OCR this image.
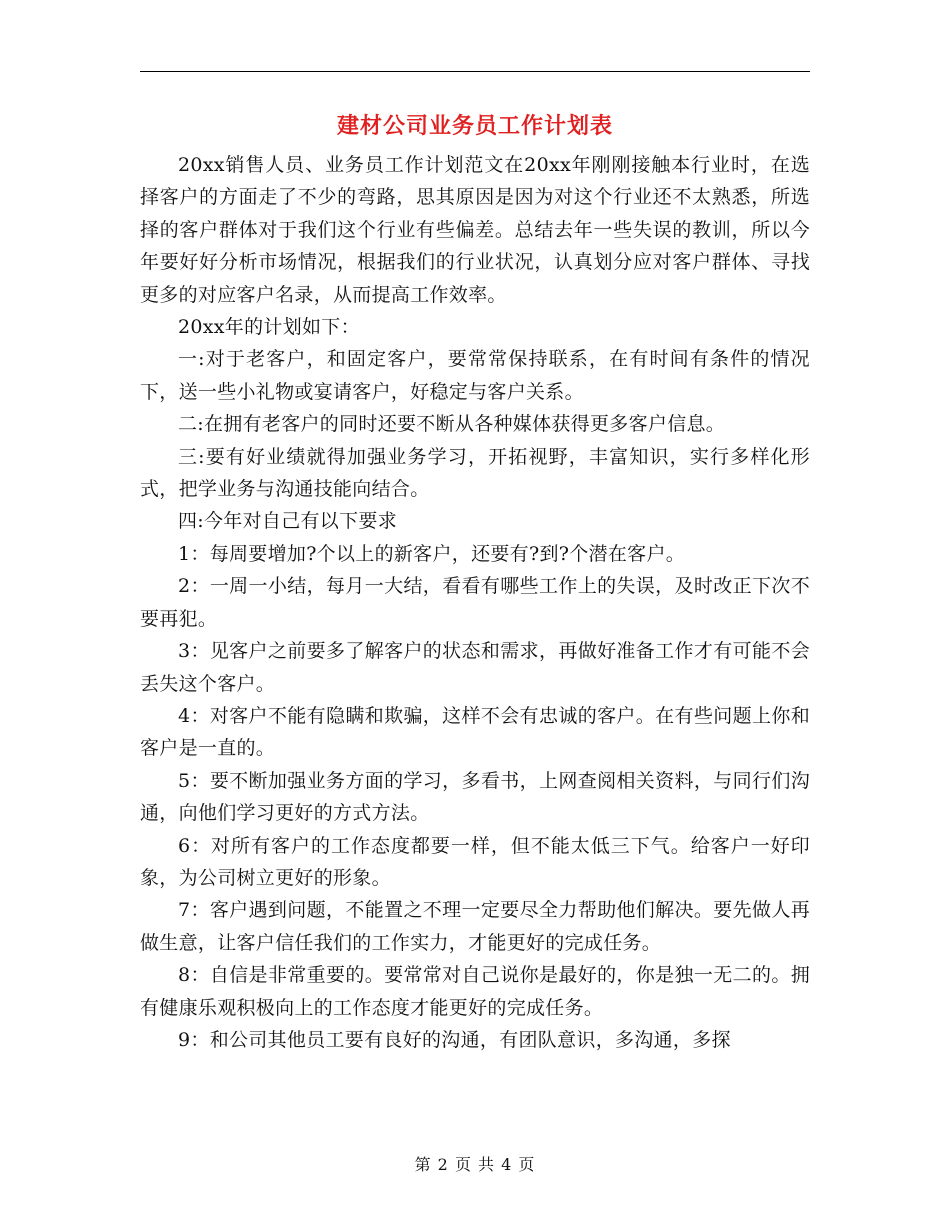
建材公司业务员工作计划表

20xx销售人员、业务员工作计划范文在20xx年刚刚接触本行业时，在选择客户的方面走了不少的弯路，思其原因是因为对这个行业还不太熟悉，所选择的客户群体对于我们这个行业有些偏差。总结去年一些失误的教训，所以今年要好好分析市场情况，根据我们的行业状况，认真划分应对客户群体、寻找更多的对应客户名录，从而提高工作效率。

20xx年的计划如下：

一:对于老客户，和固定客户，要常常保持联系，在有时间有条件的情况下，送一些小礼物或宴请客户，好稳定与客户关系。

二:在拥有老客户的同时还要不断从各种媒体获得更多客户信息。

三:要有好业绩就得加强业务学习，开拓视野，丰富知识，实行多样化形式，把学业务与沟通技能向结合。

四:今年对自己有以下要求

1：每周要增加?个以上的新客户，还要有?到?个潜在客户。

2：一周一小结，每月一大结，看看有哪些工作上的失误，及时改正下次不要再犯。

3：见客户之前要多了解客户的状态和需求，再做好准备工作才有可能不会丢失这个客户。

4：对客户不能有隐瞒和欺骗，这样不会有忠诚的客户。在有些问题上你和客户是一直的。

5：要不断加强业务方面的学习，多看书，上网查阅相关资料，与同行们沟通，向他们学习更好的方式方法。

6：对所有客户的工作态度都要一样，但不能太低三下气。给客户一好印象，为公司树立更好的形象。

7：客户遇到问题，不能置之不理一定要尽全力帮助他们解决。要先做人再做生意，让客户信任我们的工作实力，才能更好的完成任务。

8：自信是非常重要的。要常常对自己说你是最好的，你是独一无二的。拥有健康乐观积极向上的工作态度才能更好的完成任务。

9：和公司其他员工要有良好的沟通，有团队意识，多沟通，多探

第 2 页 共 4 页
